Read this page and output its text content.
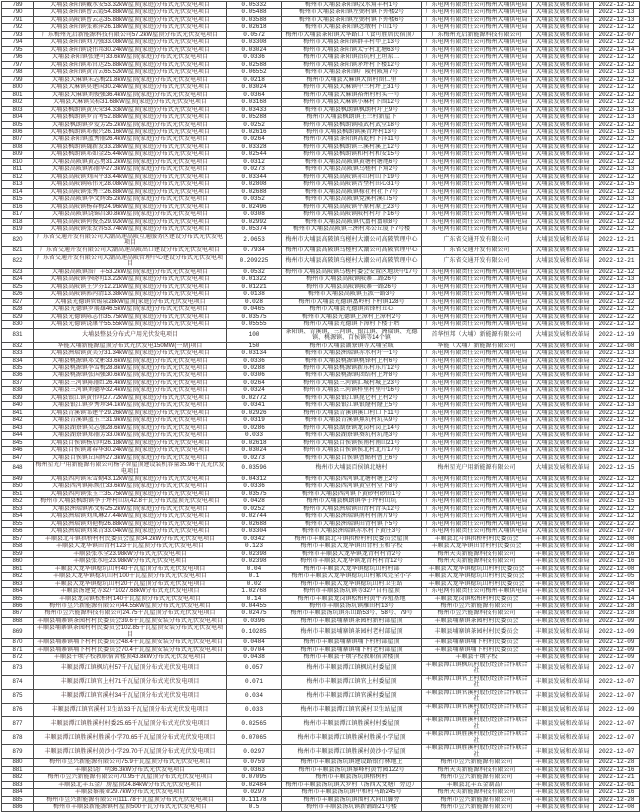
789	大埔县茶阳镇戴水安53.32kW屋顶(家庭)分布式光伏发电项目	0.05332	梅州市大埔县茶阳镇汶水角丰村1号	广东电网有限责任公司梅州大埔供电局	大埔县发展和改革局	2022-12-12
790	大埔县茶阳镇曹云霞54.88kW屋顶(家庭)分布式光伏发电项目	0.05488	梅州市大埔县茶阳镇左弼村镇下外楼2号	广东电网有限责任公司梅州大埔供电局	大埔县发展和改革局	2022-12-13
791	大埔县高陂镇曹云志35.88kW屋顶(家庭)分布式光伏发电项目	0.03588	梅州市大埔县茶阳镇左弼村镇下外楼6号	广东电网有限责任公司梅州大埔供电局	大埔县发展和改革局	2022-12-13
792	大埔县茶阳镇张素萍26.18kW屋顶(家庭)分布式光伏发电项目	0.02618	梅州市大埔县茶阳镇恋墩村下山1号	广东电网有限责任公司梅州大埔供电局	大埔县发展和改革局	2022-12-12
793	广东梅州光启新能源科技有限公司57.2kW屋顶分布式光伏发电项目	0.0572	梅州市大埔县茶阳镇大华路口（食可胜居民宿顶）	广东梅州光启新能源科技有限公司	大埔县发展和改革局	2022-12-07
794	大埔县茶阳镇刘力强33.08kW屋顶(家庭)分布式光伏发电项目	0.03308	梅州市大埔县茶阳镇群丰村甲上13号	广东电网有限责任公司梅州大埔供电局	大埔县发展和改革局	2022-12-12
795	大埔县茶阳镇饶伟邦30.24kW屋顶(家庭)分布式光伏发电项目	0.03024	梅州市大埔县茶阳镇太宁村北塘63号	广东电网有限责任公司梅州大埔供电局	大埔县发展和改革局	2022-12-14
796	大埔县茶阳镇张建可33.6kW屋顶(家庭)分布式光伏发电项目	0.0336	梅州市大埔县茶阳镇沿坑村上垣岽二	广东电网有限责任公司梅州大埔供电局	大埔县发展和改革局	2022-12-12
797	大埔县茶阳镇邓官达25.88kW屋顶(家庭)分布式光伏发电项目	0.02588	梅州市大埔县茶阳镇茅坪村下楼12号	广东电网有限责任公司梅州大埔供电局	大埔县发展和改革局	2022-12-12
798	大埔县茶阳镇黄青云65.52kW屋顶(家庭)分布式光伏发电项目	0.06552	梅州市大埔县茶阳镇广陵村陂角7号	广东电网有限责任公司梅州大埔供电局	大埔县发展和改革局	2022-12-13
799	大埔县大麻镇朱志梅21.8kW屋顶(家庭)分布式光伏发电项目	0.0218	梅州市大埔县大麻镇大留村留仁里	广东电网有限责任公司梅州大埔供电局	大埔县发展和改革局	2022-12-12
800	大埔县大麻镇莫建国30.24kW屋顶(家庭)分布式光伏发电项目	0.03024	梅州市大埔县大麻镇中兰村坪上31号	广东电网有限责任公司梅州大埔供电局	大埔县发展和改革局	2022-12-12
801	大埔县大麻镇刘俊强36.4kW屋顶(家庭)分布式光伏发电项目	0.0364	梅州市大埔县大麻镇裕州村村头一号	广东电网有限责任公司梅州大埔供电局	大埔县发展和改革局	2022-12-12
802	大埔县大麻镇吴标31.68kW屋顶(家庭)分布式光伏发电项目	0.03168	梅州市大埔县大麻镇小麻村下围12号	广东电网有限责任公司梅州大埔供电局	大埔县发展和改革局	2022-12-12
803	大埔县枫朗镇黄庆荣34.33kW屋顶(家庭)分布式光伏发电项目	0.03433	梅州市大埔县枫朗镇枫朗村圩上9号	广东电网有限责任公司梅州大埔供电局	大埔县发展和改革局	2022-12-13
804	大埔县枫朗镇罗青考52.88kW屋顶(家庭)分布式光伏发电项目	0.05288	梅州市大埔县枫朗镇王兰村新屋下	广东电网有限责任公司梅州大埔供电局	大埔县发展和改革局	2022-12-13
805	大埔县枫朗镇罗爱芳25.2kW屋顶(家庭)分布式光伏发电项目	0.0252	梅州市大埔县枫朗镇隆武村武堂18号	广东电网有限责任公司梅州大埔供电局	大埔县发展和改革局	2022-12-12
806	大埔县枫朗镇邓振兴26.16kW屋顶(家庭)分布式光伏发电项目	0.02616	梅州市大埔县枫朗镇溪背坪村13号	广东电网有限责任公司梅州大埔供电局	大埔县发展和改革局	2022-12-15
807	大埔县茶阳镇蓝秀丽26.4kW屋顶(家庭)分布式光伏发电项目	0.0264	梅州市大埔县茶阳镇高乾村下洋11号	广东电网有限责任公司梅州大埔供电局	大埔县发展和改革局	2022-12-12
808	大埔县枫朗镇魏新发33.28kW屋顶(家庭)分布式光伏发电项目	0.03328	梅州市大埔县枫朗镇三溪村溪上12号	广东电网有限责任公司梅州大埔供电局	大埔县发展和改革局	2022-12-12
809	大埔县枫朗镇邓如金25.44kW屋顶(家庭)分布式光伏发电项目	0.02544	梅州市大埔县枫朗镇和村村和安15号	广东电网有限责任公司梅州大埔供电局	大埔县发展和改革局	2022-12-12
810	大埔县高陂镇黄志勇31.2kW屋顶(家庭)分布式光伏发电项目	0.0312	梅州市大埔县高陂镇黄塘村塘尾6号	广东电网有限责任公司梅州大埔供电局	大埔县发展和改革局	2022-12-12
811	大埔县高陂镇郭丽华27.3kW屋顶(家庭)分布式光伏发电项目	0.0273	梅州市大埔县高陂镇乌槎村下角2号	广东电网有限责任公司梅州大埔供电局	大埔县发展和改革局	2022-12-13
812	大埔县高陂镇刘国平33.44kW屋顶(家庭)分布式光伏发电项目	0.03344	梅州市大埔县高陂镇赤山村山下19号	广东电网有限责任公司梅州大埔供电局	大埔县发展和改革局	2022-12-12
813	大埔县高陂镇陈伟光28.08kW屋顶(家庭)分布式光伏发电项目	0.02808	梅州市大埔县高陂镇古埜村田心31号	广东电网有限责任公司梅州大埔供电局	大埔县发展和改革局	2022-12-15
814	大埔县高陂镇张秀兰26.88kW屋顶(家庭)分布式光伏发电项目	0.02688	梅州市大埔县高陂镇稼社村社下7号	广东电网有限责任公司梅州大埔供电局	大埔县发展和改革局	2022-12-12
815	大埔县高陂镇李文辉35.2kW屋顶(家庭)分布式光伏发电项目	0.0352	梅州市大埔县高陂镇党溪村溪口5号	广东电网有限责任公司梅州大埔供电局	大埔县发展和改革局	2022-12-13
816	大埔县高陂镇杨春梅24.96kW屋顶(家庭)分布式光伏发电项目	0.02496	梅州市大埔县高陂镇平原村原上23号	广东电网有限责任公司梅州大埔供电局	大埔县发展和改革局	2022-12-12
817	大埔县高陂镇饶锦昌30.8kW屋顶(家庭)分布式光伏发电项目	0.0308	梅州市大埔县高陂镇陂村村圩下16号	广东电网有限责任公司梅州大埔供电局	大埔县发展和改革局	2022-12-22
818	大埔县高陂镇何俊杰29.92kW屋顶(家庭)分布式光伏发电项目	0.02992	梅州市大埔县高陂镇代富村富联8号	广东电网有限责任公司梅州大埔供电局	大埔县发展和改革局	2022-12-12
819	大埔县高陂镇张发容53.74kW屋顶(家庭)分布式光伏发电项目	0.05374	梅州市大埔县高陂镇三洲村邓公丘厦下7号楼	广东电网有限责任公司梅州大埔供电局	大埔县发展和改革局	2022-12-12
820	广东省交通开发有限公司大潮高速高陂互通服务区建设分布式光伏发电项目	2.0653	梅州市大埔县高陂镇乌槎村大潮公司高陂管理中心	广东省交通开发有限公司	大埔县发展和改革局	2022-12-21
821	广东省交通开发有限公司大潮高速高陂出口建设分布式光伏发电项目	0.7934	梅州市大埔县高陂镇乌槎村大潮公司高陂管理中心	广东省交通开发有限公司	大埔县发展和改革局	2022-12-21
822	广东省交通开发有限公司大潮高速高陂管理中心建设分布式光伏发电项目	0.209225	梅州市大埔县高陂镇乌槎村大潮公司高陂管理中心	广东省交通开发有限公司	大埔县发展和改革局	2022-12-21
823	大埔县高陂镇詹广丰53.2kW屋顶(家庭)分布式光伏发电项目	0.0532	梅州市大埔县高陂镇乌槎村委会安置区地块中17号	广东电网有限责任公司梅州大埔供电局	大埔县发展和改革局	2022-12-12
824	大埔县高陂镇李晓明13.22kW屋顶(家庭)分布式光伏发电项目	0.01322	梅州市大埔县高陂镇陂寨二路26号	广东电网有限责任公司梅州大埔供电局	大埔县发展和改革局	2022-12-13
825	大埔县高陂镇王少芬12.21kW屋顶(家庭)分布式光伏发电项目	0.01221	梅州市大埔县高陂镇陂寨一路26号	广东电网有限责任公司梅州大埔供电局	大埔县发展和改革局	2022-12-13
826	大埔县高陂镇郭丙清13.38kW屋顶(家庭)分布式光伏发电项目	0.0138	梅州市大埔县高陂镇玉派一路3号	广东电网有限责任公司梅州大埔供电局	大埔县发展和改革局	2022-12-12
827	大埔县光德镇管锡泉28kW屋顶(家庭)分布式光伏发电项目	0.028	梅州市大埔县光德镇富岭村下村镇128号	广东电网有限责任公司梅州大埔供电局	大埔县发展和改革局	2022-12-22
828	大埔县光德镇罗展雄46.5kW屋顶(家庭)分布式光伏发电项目	0.0465	梅州市大埔县光德镇雷锋村丑心	广东电网有限责任公司梅州大埔供电局	大埔县发展和改革局	2022-12-12
829	大埔县光德镇陈志伟35.75kW屋顶(家庭)分布式光伏发电项目	0.03575	梅州市大埔县光德镇上漳村上漳村2号	广东电网有限责任公司梅州大埔供电局	大埔县发展和改革局	2022-12-22
830	大埔县光德镇饶康平55.55kW屋顶(家庭)分布式光伏发电项目	0.05555	梅州市大埔县光德镇下漳村下楼子垇	广东电网有限责任公司梅州大埔供电局	大埔县发展和改革局	2022-12-12
831	大埔县整县分布式户用光伏发电项目	100	茶阳镇、青溪镇、三河镇、银江镇、洲瑞镇、光德镇、桃源镇、百侯镇等14个镇	首华恒邦（大埔）新能源有限公司	大埔县发展和改革局	2022-12-19
832	华能大埔新能源屋顶分布式光伏发电150MW(一期)项目	150	梅州市大埔县湖寮镇等大埔全域	华能（大埔）新能源有限公司	大埔县发展和改革局	2022-12-08
833	大埔县洲瑞镇黄美分31.34kW屋顶(家庭)分布式光伏发电项目	0.03134	梅州市大埔县洲瑞镇赤水村圩一1号	广东电网有限责任公司梅州大埔供电局	大埔县发展和改革局	2022-12-13
834	大埔县桃源镇邓文彬33.6kW屋顶(家庭)分布式光伏发电项目	0.0336	梅州市大埔县桃源镇桃锋村上村6号	广东电网有限责任公司梅州大埔供电局	大埔县发展和改革局	2022-12-12
835	大埔县桃源镇李雪梅28.8kW屋顶(家庭)分布式光伏发电项目	0.0288	梅州市大埔县桃源镇新东村东片12号	广东电网有限责任公司梅州大埔供电局	大埔县发展和改革局	2022-12-12
836	大埔县桃源镇张国强30.6kW屋顶(家庭)分布式光伏发电项目	0.0306	梅州市大埔县桃源镇团结村上坪8号	广东电网有限责任公司梅州大埔供电局	大埔县发展和改革局	2022-12-13
837	大埔县三河镇陈丽红26.4kW屋顶(家庭)分布式光伏发电项目	0.0264	梅州市大埔县三河镇汇城村城上23号	广东电网有限责任公司梅州大埔供电局	大埔县发展和改革局	2022-12-12
838	大埔县三河镇刘德华32.4kW屋顶(家庭)分布式光伏发电项目	0.0324	梅州市大埔县三河镇梓里村里中16号	广东电网有限责任公司梅州大埔供电局	大埔县发展和改革局	2022-12-12
839	大埔县银江镇黄伟明27.72kW屋顶(家庭)分布式光伏发电项目	0.02772	梅州市大埔县银江镇昆仑村上村2号	广东电网有限责任公司梅州大埔供电局	大埔县发展和改革局	2022-12-12
840	大埔县银江镇罗秀珍34.1kW屋顶(家庭)分布式光伏发电项目	0.0341	梅州市大埔县银江镇银窿村窿上5号	广东电网有限责任公司梅州大埔供电局	大埔县发展和改革局	2022-12-13
841	大埔县青溪镇邹建平29.26kW屋顶(家庭)分布式光伏发电项目	0.02926	梅州市大埔县青溪镇溪口村口下11号	广东电网有限责任公司梅州大埔供电局	大埔县发展和改革局	2022-12-12
842	大埔县青溪镇蓝玉兰31.9kW屋顶(家庭)分布式光伏发电项目	0.0319	梅州市大埔县青溪镇蕉坑村坑头9号	广东电网有限责任公司梅州大埔供电局	大埔县发展和改革局	2022-12-12
843	大埔县湖寮镇吴志强28.6kW屋顶(家庭)分布式光伏发电项目	0.0286	梅州市大埔县湖寮镇龙岗村岗上14号	广东电网有限责任公司梅州大埔供电局	大埔县发展和改革局	2022-12-12
844	大埔县湖寮镇郑丽芳33.0kW屋顶(家庭)分布式光伏发电项目	0.033	梅州市大埔县湖寮镇葵坑村坑尾3号	广东电网有限责任公司梅州大埔供电局	大埔县发展和改革局	2022-12-12
845	大埔县百侯镇杨启明26.18kW屋顶(家庭)分布式光伏发电项目	0.02618	梅州市大埔县百侯镇侯南村南山21号	广东电网有限责任公司梅州大埔供电局	大埔县发展和改革局	2022-12-13
846	大埔县百侯镇萧春华30.24kW屋顶(家庭)分布式光伏发电项目	0.03024	梅州市大埔县百侯镇侯北村北片17号	广东电网有限责任公司梅州大埔供电局	大埔县发展和改革局	2022-12-12
847	大埔县百侯镇丘国辉27.3kW屋顶(家庭)分布式光伏发电项目	0.0273	梅州市大埔县百侯镇曹鲇村曹上6号	广东电网有限责任公司梅州大埔供电局	大埔县发展和改革局	2022-12-12
848	梅州星光户用新能源有限公司杨学智屋顶建设装机容量35.96千瓦光伏发电项目	0.03596	梅州市大埔县百侯镇北塘村	梅州星光户用新能源有限公司	大埔县发展和改革局	2022-12-15
849	大埔县西河镇朱雪勤43.12kW屋顶(家庭)分布式光伏发电项目	0.04312	梅州市大埔县西河镇北塘村塘上2号	广东电网有限责任公司梅州大埔供电局	大埔县发展和改革局	2022-12-12
850	大埔县西河镇陈焕仕33.6kW屋顶(家庭)分布式光伏发电项目	0.0336	梅州市大埔县西河镇黄堂村堂下8号	广东电网有限责任公司梅州大埔供电局	大埔县发展和改革局	2022-12-12
851	大埔县西河镇张玉兰35.75kW屋顶(家庭)分布式光伏发电项目	0.03575	梅州市大埔县西河镇下黄砂村砂田1号	广东电网有限责任公司梅州大埔供电局	大埔县发展和改革局	2022-12-13
852	梅州市大埔县枫朗镇李子坪村山坑42.8千瓦分布式屋顶光伏发电项目	0.0428	梅州市大埔县枫朗镇李子坪村山坑	广东电网有限责任公司梅州大埔供电局	大埔县发展和改革局	2022-12-15
853	大埔县洲瑞镇郭文标25.2kW屋顶(家庭)分布式光伏发电项目	0.0252	梅州市大埔县洲瑞镇田背村背头12号	广东电网有限责任公司梅州大埔供电局	大埔县发展和改革局	2022-12-12
854	大埔县洲瑞镇刘凤琳27.44kW屋顶(家庭)分布式光伏发电项目	0.02744	梅州市大埔县洲瑞镇南村村南片9号	广东电网有限责任公司梅州大埔供电局	大埔县发展和改革局	2022-12-12
855	大埔县洲瑞镇刘艳梅26.88kW屋顶(家庭)分布式光伏发电项目	0.02688	梅州市大埔县洲瑞镇田背村镇下5号	广东电网有限责任公司梅州大埔供电局	大埔县发展和改革局	2022-12-22
856	大埔县洲瑞镇刘果青33.04kW屋顶(家庭)分布式光伏发电项目	0.03304	梅州市大埔县洲瑞镇赤水村下黄庄3号	广东电网有限责任公司梅州大埔供电局	大埔县发展和改革局	2022-12-07
857	丰顺县北斗镇拱桥村村民委员会屋顶34.2kW分布式光伏发电项目	0.0342	梅州市丰顺县北斗镇拱桥村村民委员会屋顶	丰顺县北斗镇拱桥村村民委员会	丰顺县发展和改革局	2022-12-08
858	丰顺县大龙华镇田背村123千瓦屋顶分布式光伏发电项目	0.123	梅州市丰顺县大龙华镇田背村玉和学校	丰顺县大龙华镇田背村村民委员会	丰顺县发展和改革局	2022-12-08
859	丰顺县张水全23.98kW分布式光伏发电项目	0.02398	梅州市丰顺县大龙华镇龙背村村背2号	梅州天美新能源科技有限公司	丰顺县发展和改革局	2022-12-16
860	丰顺县张水旺23.98kW分布式光伏发电项目	0.02398	梅州市丰顺县大龙华镇龙背村村背12号	梅州天美新能源科技有限公司	丰顺县发展和改革局	2022-12-16
861	丰顺县大龙华镇稔坑山村40千瓦屋顶分布式光伏发电项目	0.04	梅州市丰顺县大龙华镇稔坑山村村部	丰顺县大龙华镇稔坑山村村民委员会	丰顺县发展和改革局	2022-12-08
862	丰顺县大龙华镇稔坑山村100千瓦屋顶分布式光伏发电项目	0.1	梅州市丰顺县大龙华镇稔坑山村紫凤完全小学	丰顺县大龙华镇稔坑山村村民委员会	丰顺县发展和改革局	2022-12-05
863	丰顺县大龙华镇稔坑山村20千瓦屋顶分布式光伏发电项目	0.02	梅州市丰顺县大龙华镇稔坑山村卫生站	丰顺县大龙华镇稔坑山村村民委员会	丰顺县发展和改革局	2022-12-08
864	丰顺县汤建党等32户1027.68kW分布式光伏发电项目	1.02768	梅州市丰顺县汤坑镇等32户自有屋顶	广东电网有限责任公司梅州丰顺供电局	丰顺县发展和改革局	2022-12-14
865	丰顺县龙岗镇松柏村140千瓦屋顶分布式光伏发电项目	0.14	梅州市丰顺县龙岗镇松柏村黄牛养殖基地	丰顺县龙岗镇松柏村村民委员会	丰顺县发展和改革局	2022-12-14
866	梅州市昱兴新能源有限公司44.55kW屋顶分布式光伏发电项目	0.04455	梅州市丰顺县汤坑镇雁田村13号	梅州市昱兴新能源有限公司	丰顺县发展和改革局	2022-12-28
867	梅州市昱兴能源科技有限公司24.75千瓦屋顶分布式光伏发电项目	0.02475	梅州市丰顺县汤坑镇东山路53号、58号、79号	梅州市昱兴能源科技有限公司	丰顺县发展和改革局	2022-12-28
868	丰顺县埔寨镇茶园村村民委员会39.6千瓦屋顶安装分布式光伏发电项目	0.0396	梅州市丰顺县埔寨镇茶园村新村部屋顶	丰顺县埔寨镇茶园村村民委员会	丰顺县发展和改革局	2022-12-09
869	丰顺县埔寨镇茶园村村民委员会102.85千瓦屋顶安装分布式光伏发电项目	0.10285	梅州市丰顺县埔寨镇茶园村老村部屋顶	丰顺县埔寨镇茶园村村民委员会	丰顺县发展和改革局	2022-12-09
870	丰顺县埔寨镇埔下村村民委员会48.4千瓦屋顶安装分布式光伏发电项目	0.0484	梅州市丰顺县埔寨镇埔下村村部屋顶	丰顺县埔寨镇埔下村村民委员会	丰顺县发展和改革局	2022-12-09
871	丰顺县埔寨镇埔下村村民委员会70.4千瓦屋顶安装分布式光伏发电项目	0.0704	梅州市丰顺县埔寨镇埔下村老村部屋顶	丰顺县埔寨镇埔下村村民委员会	丰顺县发展和改革局	2022-12-09
872	丰顺县千顷学校教职宿舍楼顶43.8kW分布式光伏发电项目	0.0438	梅州市丰顺县千顷学校教职宿舍楼顶	丰顺县千顷学校	丰顺县发展和改革局	2022-12-09
873	丰顺县潭江镇枫坑村57千瓦屋顶分布式光伏发电项目	0.057	梅州市丰顺县潭江镇枫坑村委屋顶	丰顺县潭江镇枫坑村股份经济合作联合社	丰顺县发展和改革局	2022-12-07
874	丰顺县潭江镇官上村71千瓦屋顶分布式光伏发电项目	0.071	梅州市丰顺县潭江镇官上村委屋顶	丰顺县潭江镇官上村股份经济合作联合社	丰顺县发展和改革局	2022-12-07
875	丰顺县潭江镇官溪村34千瓦屋顶分布式光伏发电项目	0.034	梅州市丰顺县潭江镇官溪村委屋顶	丰顺县潭江镇官溪村股份经济合作联合社	丰顺县发展和改革局	2022-12-07
876	丰顺县潭江镇官溪村卫生站33千瓦屋顶分布式光伏发电项目	0.033	梅州市丰顺县潭江镇官溪村卫生站屋顶	丰顺县潭江镇官溪村股份经济合作联合社	丰顺县发展和改革局	2022-12-09
877	丰顺县潭江镇胜溪村村委25.65千瓦屋顶分布式光伏发电项目	0.02565	梅州市丰顺县潭江镇胜溪村村委屋顶	丰顺县潭江镇胜溪村股份经济合作联合社	丰顺县发展和改革局	2022-12-07
878	丰顺县潭江镇胜溪村胜溪小学70.65千瓦屋顶分布式光伏发电项目	0.07065	梅州市丰顺县潭江镇胜溪村胜溪小学屋顶	丰顺县潭江镇胜溪村股份经济合作联合社	丰顺县发展和改革局	2022-12-07
879	丰顺县潭江镇胜溪村黄沙小学29.70千瓦屋顶分布式光伏发电项目	0.0297	梅州市丰顺县潭江镇胜溪村黄沙小学屋顶	丰顺县潭江镇胜溪村股份经济合作联合社	丰顺县发展和改革局	2022-12-07
880	梅州市昱兴新能源有限公司75.9千瓦屋顶分布式光伏发电项目	0.0759	梅州市丰顺县汤坑镇建设路银行林地上	梅州市昱兴新能源有限公司	丰顺县发展和改革局	2022-12-28
881	丰顺县饶广明36.3kW分布式光伏发电项目	0.0363	梅州市丰顺县汤坑镇黎峰村黄竹园122号	梅州天美新能源科技有限公司	丰顺县发展和改革局	2022-12-16
882	梅州市昱兴新能源有限公司70.95千瓦屋顶分布式光伏发电项目	0.07095	梅州市丰顺县汤坑镇榕树村	梅州市昱兴新能源有限公司	丰顺县发展和改革局	2022-12-21
883	丰顺县北丰五金厂房屋顶24.84kW分布式光伏发电项目	0.02484	梅州市丰顺县汤坑镇大罗村（汤西大文塘厂旁边）	丰顺县北丰五金制品厂	丰顺县发展和改革局	2022-12-01
884	丰顺县黎展业29.7kW分布式光伏发电项目	0.0297	梅州市丰顺县汤坑镇中和村马路245号	梅州天美新能源科技有限公司	丰顺县发展和改革局	2022-12-16
885	梅州市昱兴新能源有限公司111.78千瓦屋顶分布式光伏发电项目	0.11178	梅州市丰顺县汤坑镇围村大同山脚旁	梅州市昱兴新能源有限公司	丰顺县发展和改革局	2022-12-28
886	梅州市丰顺县新能源镇村屋顶500千瓦分布式光伏发电项目	0.5	梅州市丰顺县汤坑镇新铺路21号楼	梅州市昱兴新能源有限公司	丰顺县发展和改革局	2022-12-08
